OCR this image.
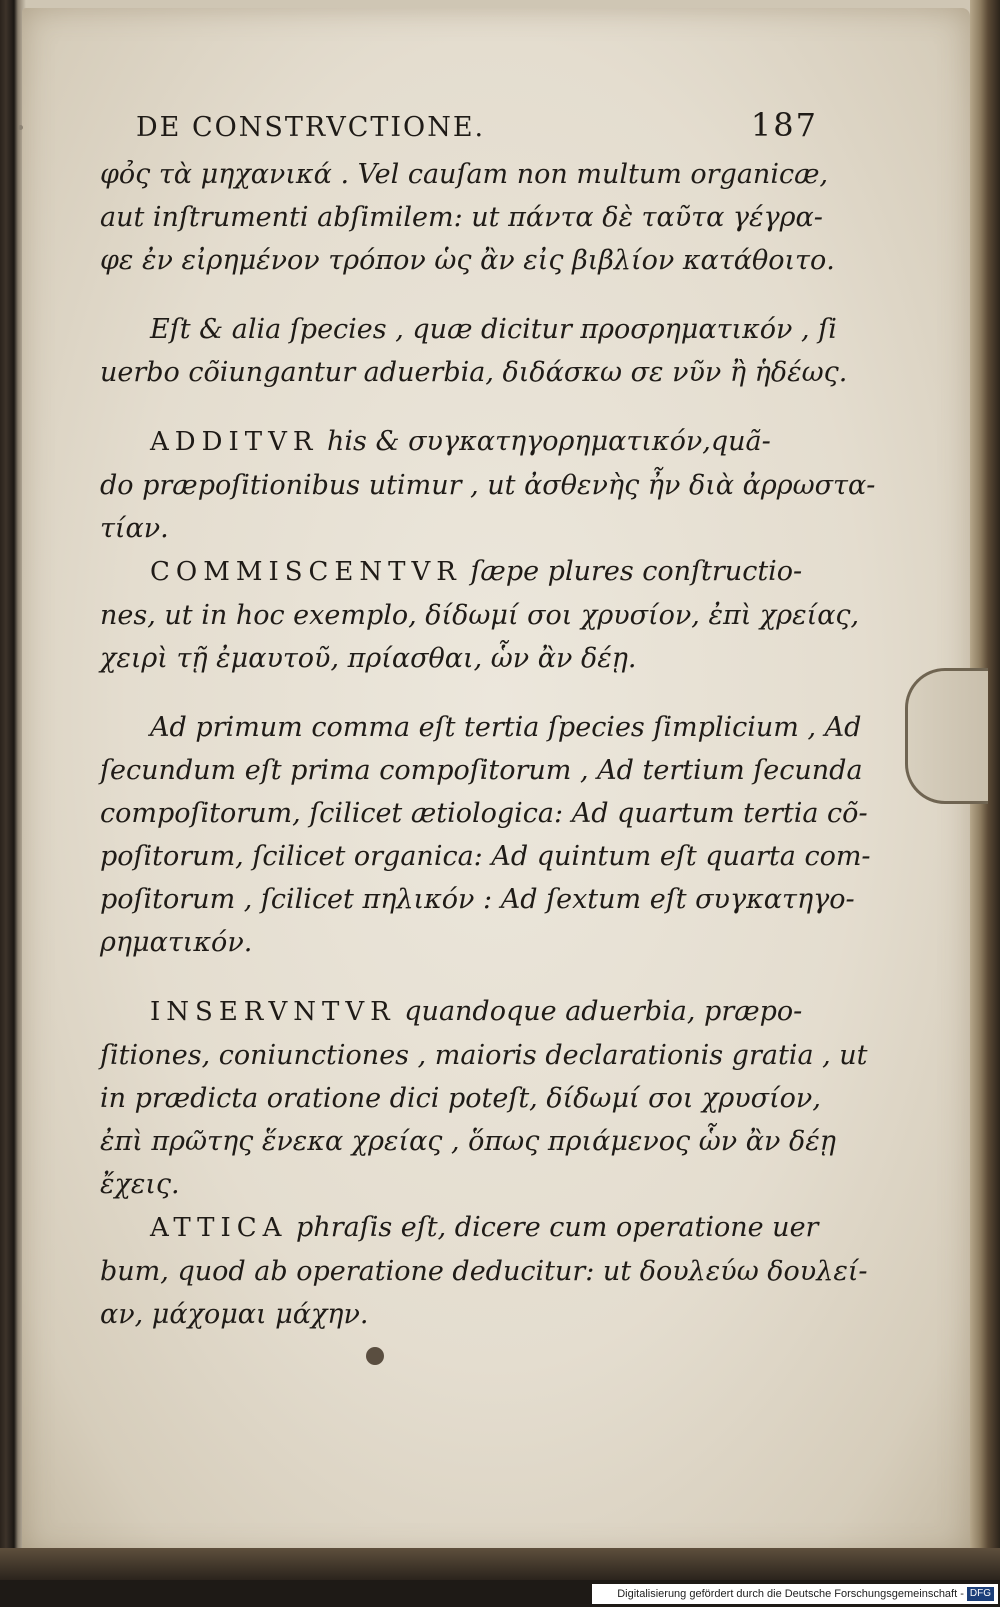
DE CONSTRVCTIONE.	187
φο̉ς τὰ μηχανικά . Vel cauſam non multum organicæ,
aut inſtrumenti abſimilem: ut πάντα δὲ ταῦτα γέγρα-
φε ἐν εἰρημένον τρόπον ὡς ἂν εἰς βιβλίον κατάθοιτο.
Eſt & alia ſpecies , quæ dicitur προσρηματικόν , ſi
uerbo cõiungantur aduerbia, διδάσκω σε νῦν ἢ ἡδέως.
ADDITVR his & συγκατηγορηματικόν,quã-
do præpoſitionibus utimur , ut ἀσθενὴς ἦν διὰ ἀρρωστα-
τίαν.
COMMISCENTVR ſæpe plures conſtructio-
nes, ut in hoc exemplo, δίδωμί σοι χρυσίον, ἐπὶ χρείας,
χειρὶ τῇ ἐμαυτοῦ, πρίασθαι, ὧν ἂν δέῃ.
Ad primum comma eſt tertia ſpecies ſimplicium , Ad
ſecundum eſt prima compoſitorum , Ad tertium ſecunda
compoſitorum, ſcilicet ætiologica: Ad quartum tertia cõ-
poſitorum, ſcilicet organica: Ad quintum eſt quarta com-
poſitorum , ſcilicet πηλικόν : Ad ſextum eſt συγκατηγο-
ρηματικόν.
INSERVNTVR quandoque aduerbia, præpo-
ſitiones, coniunctiones , maioris declarationis gratia , ut
in prædicta oratione dici poteſt, δίδωμί σοι χρυσίον,
ἐπὶ πρῶτης ἕνεκα χρείας , ὅπως πριάμενος ὧν ἂν δέῃ
ἔχεις.
ATTICA phraſis eſt, dicere cum operatione uer
bum, quod ab operatione deducitur: ut δουλεύω δουλεί-
αν, μάχομαι μάχην.
Digitalisierung gefördert durch die Deutsche Forschungsgemeinschaft - DFG
